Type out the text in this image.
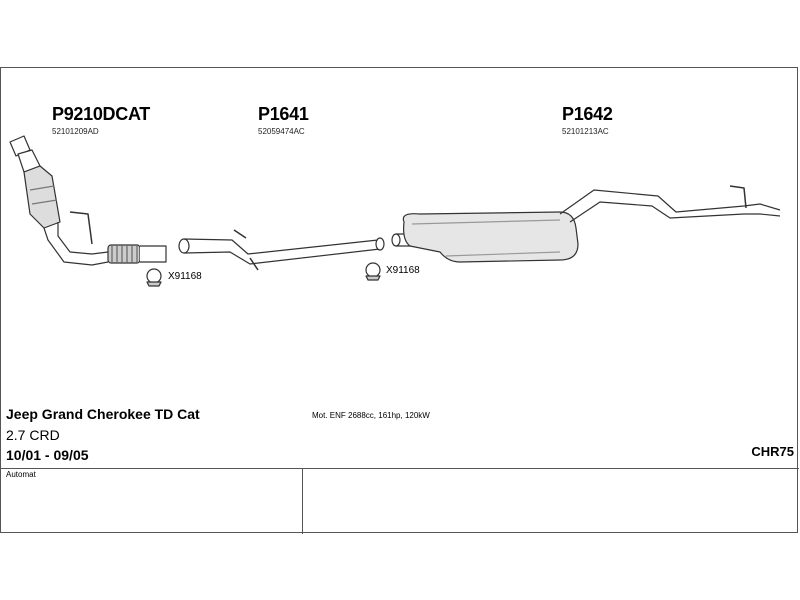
P9210DCAT
52101209AD
P1641
52059474AC
P1642
52101213AC
X91168
X91168
Jeep Grand Cherokee TD Cat
2.7 CRD
10/01 - 09/05
Automat
Mot. ENF 2688cc, 161hp, 120kW
CHR75
